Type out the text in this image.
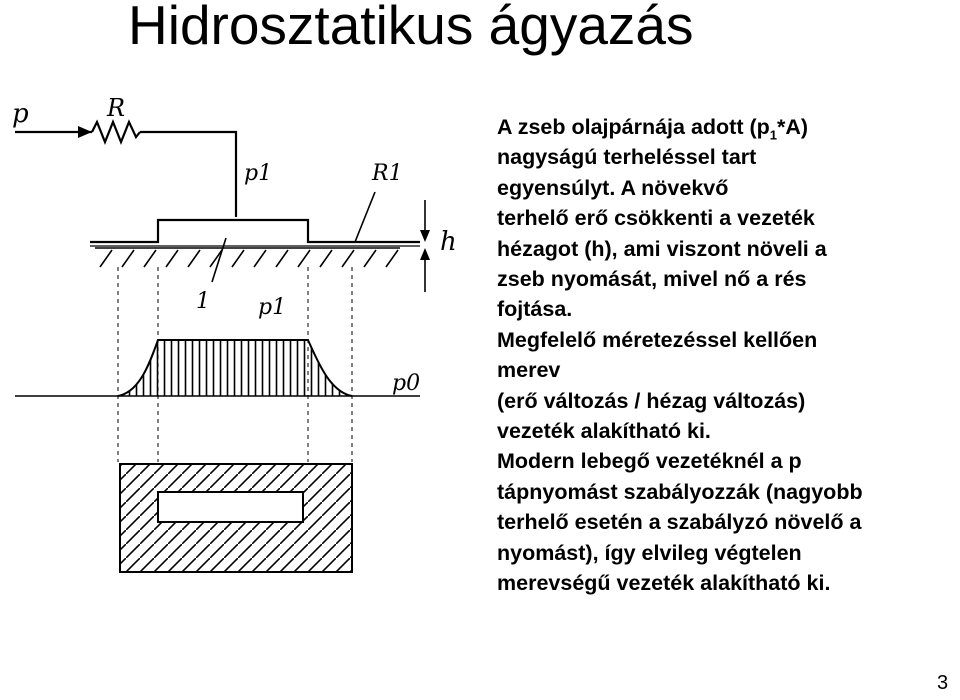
Hidrosztatikus ágyazás
p	R
p1	R1
h
1 p1
p0

A zseb olajpárnája adott $(p_1*A)$

nagyságú terheléssel tart

egyensúlyt. A növekvő

terhelő erő csökkenti a vezeték

hézagot (h), ami viszont növeli a

zseb nyomását, mivel nő a rés

fojtása.

Megfelelő méretezéssel kellően

merev

(erő változás / hézag változás)

vezeték alakítható ki.

Modern lebegő vezetéknél a p

tápnyomást szabályozzák (nagyobb

terhelő esetén a szabályzó növelő a

nyomást), így elvileg végtelen

merevségű vezeték alakítható ki.

3
